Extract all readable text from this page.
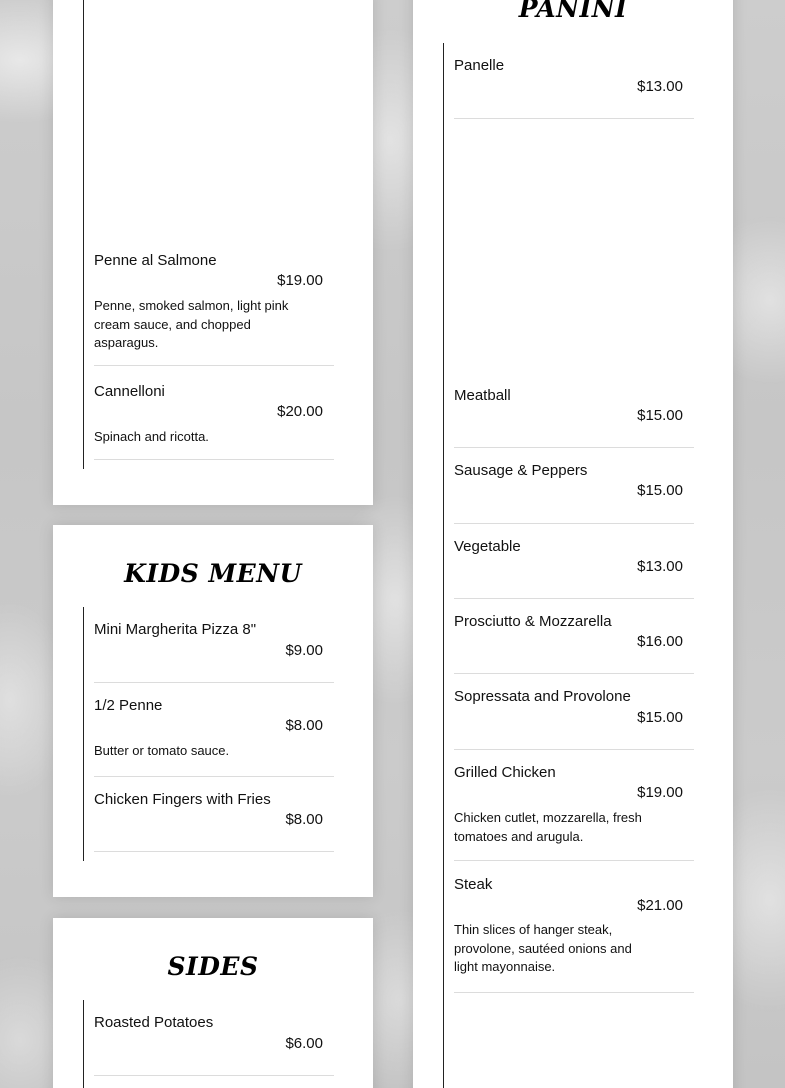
Penne al Salmone
$19.00
Penne, smoked salmon, light pink cream sauce, and chopped asparagus.
Cannelloni
$20.00
Spinach and ricotta.
KIDS MENU
Mini Margherita Pizza 8"
$9.00
1/2 Penne
$8.00
Butter or tomato sauce.
Chicken Fingers with Fries
$8.00
SIDES
Roasted Potatoes
$6.00
PANINI
Panelle
$13.00
Meatball
$15.00
Sausage & Peppers
$15.00
Vegetable
$13.00
Prosciutto & Mozzarella
$16.00
Sopressata and Provolone
$15.00
Grilled Chicken
$19.00
Chicken cutlet, mozzarella, fresh tomatoes and arugula.
Steak
$21.00
Thin slices of hanger steak, provolone, sautéed onions and light mayonnaise.
